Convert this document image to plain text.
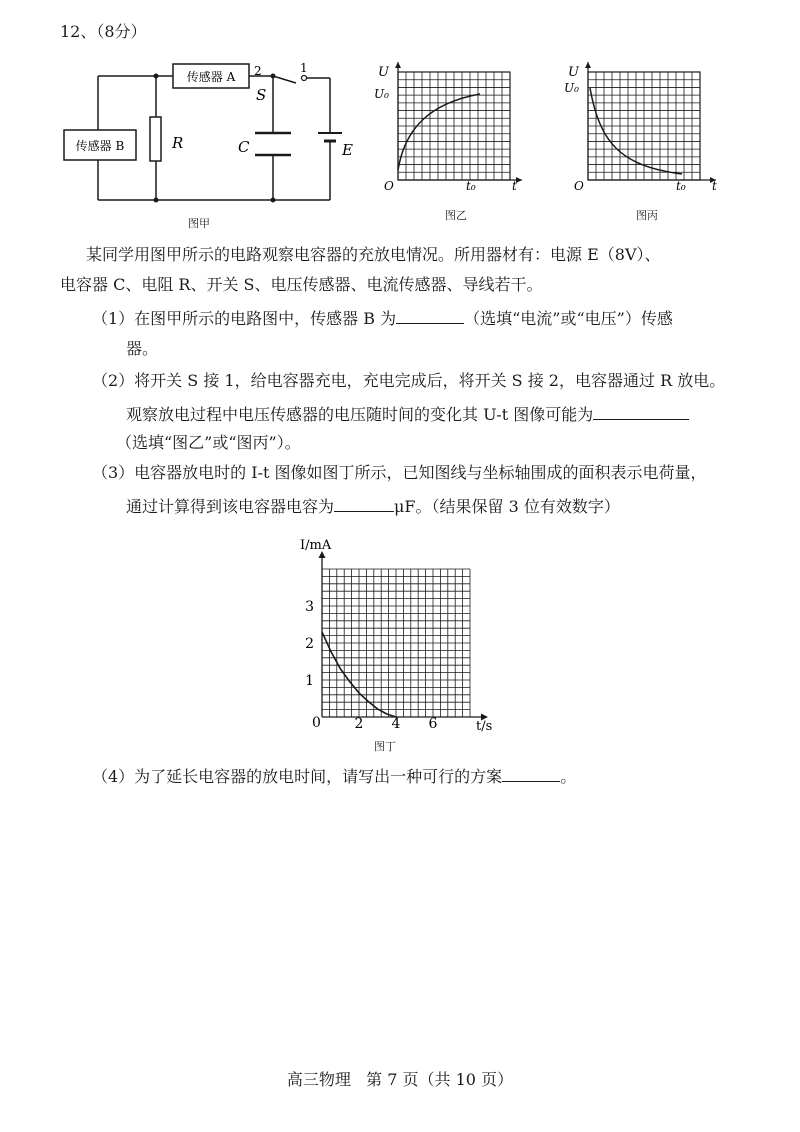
12、（8分）
传感器 A
传感器 B	R	C	E
S
2	1
图甲
U
U₀
O	t₀	t
图乙
U
U₀
O	t₀ t
图丙
某同学用图甲所示的电路观察电容器的充放电情况。所用器材有：电源 E（8V）、
电容器 C、电阻 R、开关 S、电压传感器、电流传感器、导线若干。
（1）在图甲所示的电路图中，传感器 B 为	（选填“电流”或“电压”）传感
器。
（2）将开关 S 接 1，给电容器充电，充电完成后，将开关 S 接 2，电容器通过 R 放电。
观察放电过程中电压传感器的电压随时间的变化其 U-t 图像可能为
（选填“图乙”或“图丙”）。
（3）电容器放电时的 I-t 图像如图丁所示，已知图线与坐标轴围成的面积表示电荷量，
通过计算得到该电容器电容为	μF。（结果保留 3 位有效数字）
2 4 6
1
2
3
I/mA
t/s
0
图丁
（4）为了延长电容器的放电时间，请写出一种可行的方案	。
高三物理   第 7 页（共 10 页）
